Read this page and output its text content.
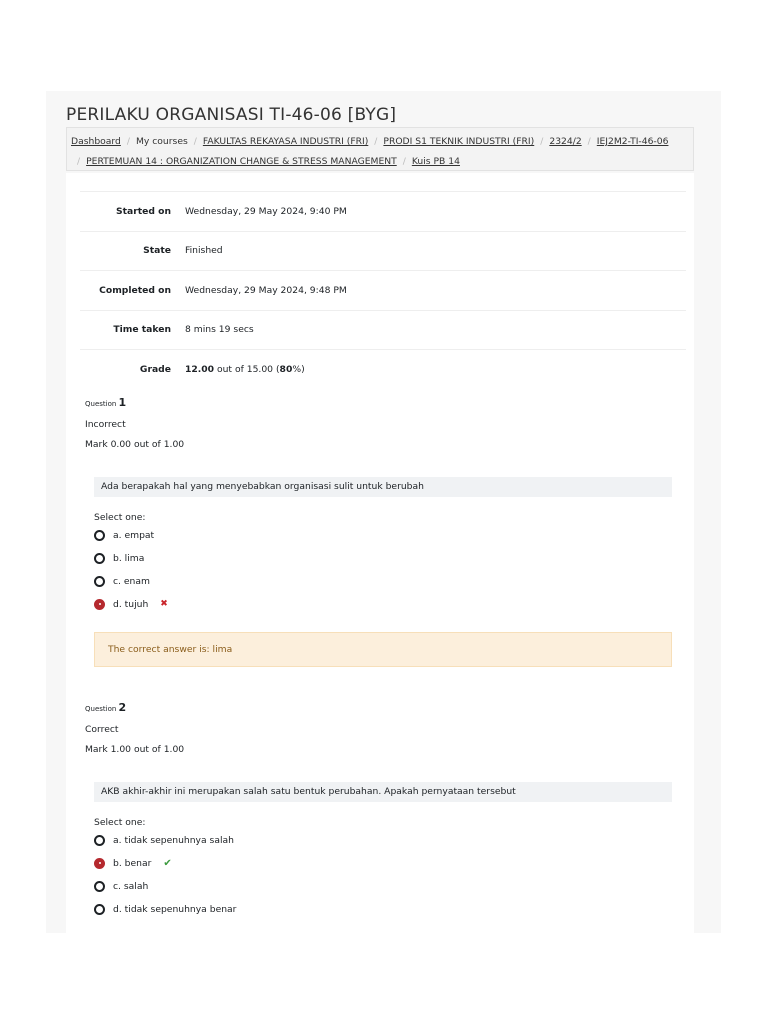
PERILAKU ORGANISASI TI-46-06 [BYG]
Dashboard / My courses / FAKULTAS REKAYASA INDUSTRI (FRI) / PRODI S1 TEKNIK INDUSTRI (FRI) / 2324/2 / IEJ2M2-TI-46-06
/ PERTEMUAN 14 : ORGANIZATION CHANGE & STRESS MANAGEMENT / Kuis PB 14
Started on	Wednesday, 29 May 2024, 9:40 PM
State	Finished
Completed on	Wednesday, 29 May 2024, 9:48 PM
Time taken	8 mins 19 secs
Grade	12.00 out of 15.00 (80%)
Question 1
Incorrect
Mark 0.00 out of 1.00
Ada berapakah hal yang menyebabkan organisasi sulit untuk berubah
Select one:
a. empat
b. lima
c. enam
d. tujuh ✖
The correct answer is: lima
Question 2
Correct
Mark 1.00 out of 1.00
AKB akhir-akhir ini merupakan salah satu bentuk perubahan. Apakah pernyataan tersebut
Select one:
a. tidak sepenuhnya salah
b. benar ✔
c. salah
d. tidak sepenuhnya benar
